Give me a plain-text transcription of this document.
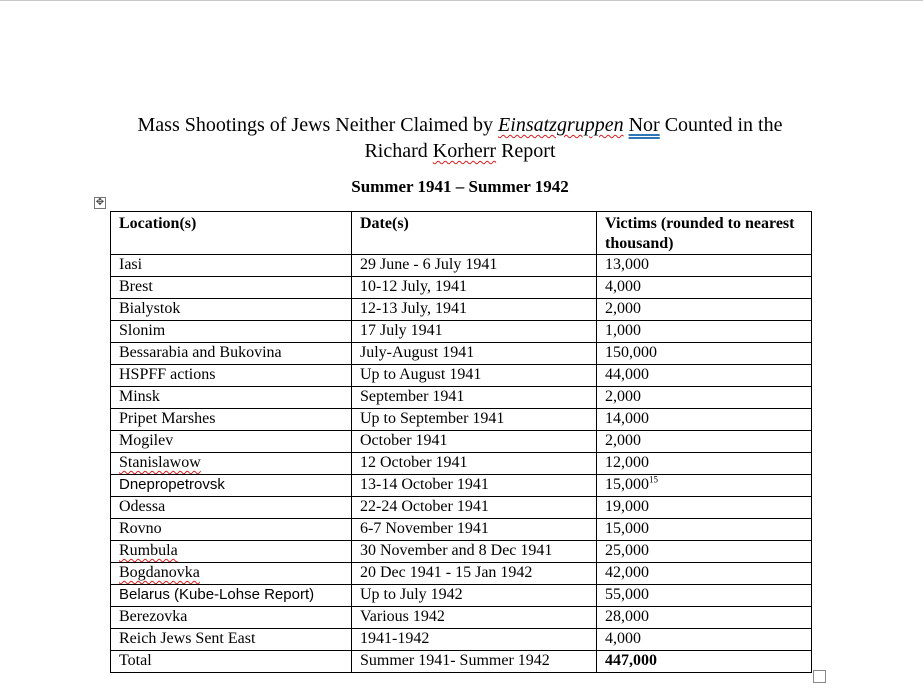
Mass Shootings of Jews Neither Claimed by Einsatzgruppen Nor Counted in the
Richard Korherr Report
Summer 1941 – Summer 1942
✥
Location(s)	Date(s)	Victims (rounded to nearest thousand)
Iasi	29 June - 6 July 1941	13,000
Brest	10-12 July, 1941	4,000
Bialystok	12-13 July, 1941	2,000
Slonim	17 July 1941	1,000
Bessarabia and Bukovina	July-August 1941	150,000
HSPFF actions	Up to August 1941	44,000
Minsk	September 1941	2,000
Pripet Marshes	Up to September 1941	14,000
Mogilev	October 1941	2,000
Stanislawow	12 October 1941	12,000
Dnepropetrovsk	13-14 October 1941	15,000$^{15}$
Odessa	22-24 October 1941	19,000
Rovno	6-7 November 1941	15,000
Rumbula	30 November and 8 Dec 1941	25,000
Bogdanovka	20 Dec 1941 - 15 Jan 1942	42,000
Belarus (Kube-Lohse Report)	Up to July 1942	55,000
Berezovka	Various 1942	28,000
Reich Jews Sent East	1941-1942	4,000
Total	Summer 1941- Summer 1942	447,000
